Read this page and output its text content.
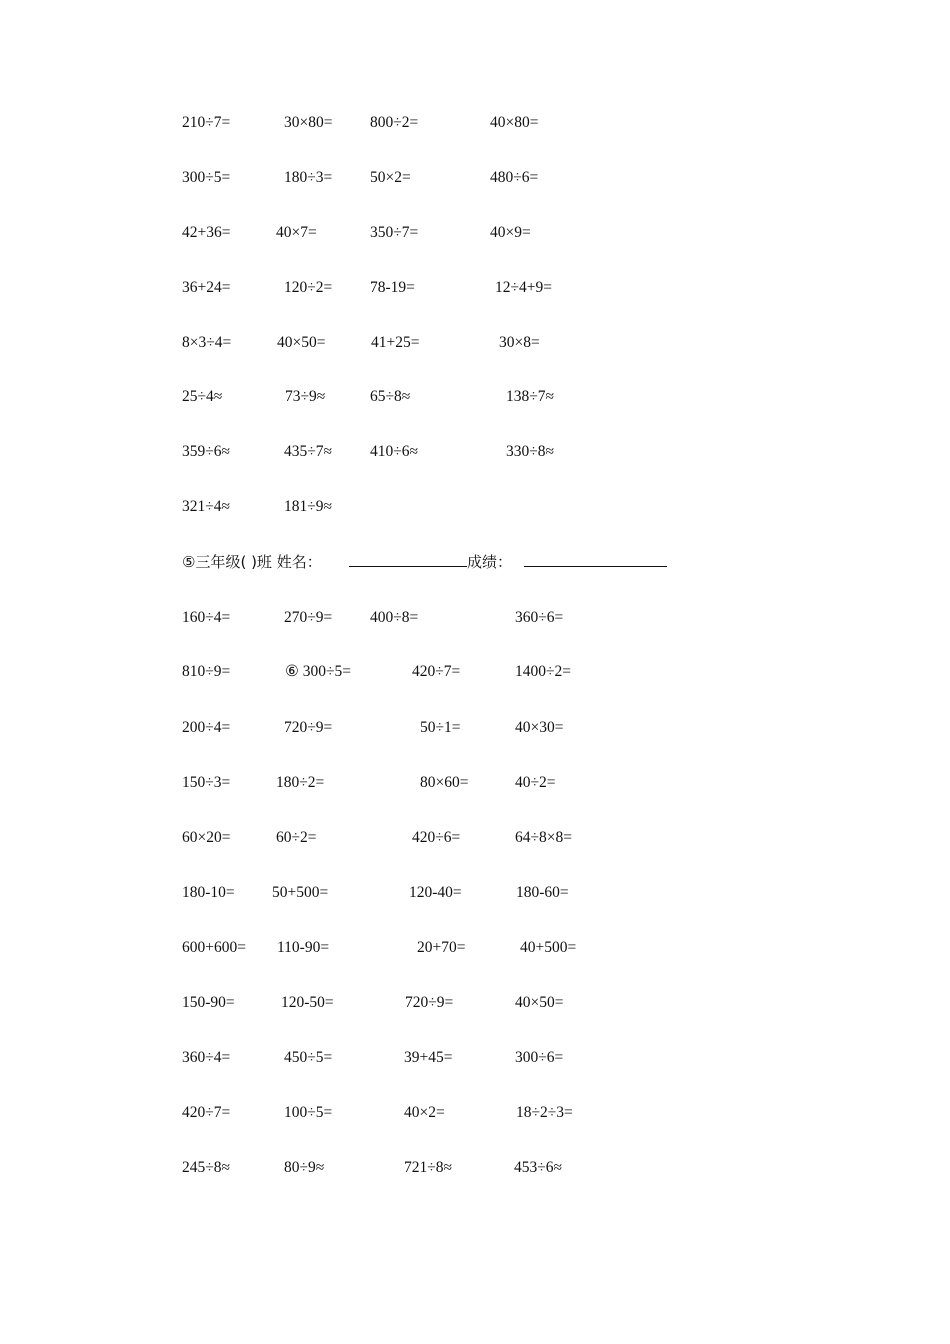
210÷7=	30×80= 800÷2=	40×80=
300÷5=	180÷3= 50×2=	480÷6=
42+36=	40×7=	350÷7=	40×9=
36+24=	120÷2= 78-19=	12÷4+9=
8×3÷4=	40×50=	41+25=	30×8=
25÷4≈	73÷9≈	65÷8≈	138÷7≈
359÷6≈	435÷7≈ 410÷6≈	330÷8≈
321÷4≈	181÷9≈
⑤三年级( )班 姓名：	成绩：
160÷4=	270÷9= 400÷8=	360÷6=
810÷9=	⑥ 300÷5=	420÷7=	1400÷2=
200÷4=	720÷9=	50÷1=	40×30=
150÷3=	180÷2=	80×60=	40÷2=
60×20=	60÷2=	420÷6=	64÷8×8=
180-10= 50+500=	120-40=	180-60=
600+600= 110-90=	20+70=	40+500=
150-90=	120-50=	720÷9=	40×50=
360÷4=	450÷5=	39+45=	300÷6=
420÷7=	100÷5=	40×2=	18÷2÷3=
245÷8≈	80÷9≈	721÷8≈	453÷6≈
